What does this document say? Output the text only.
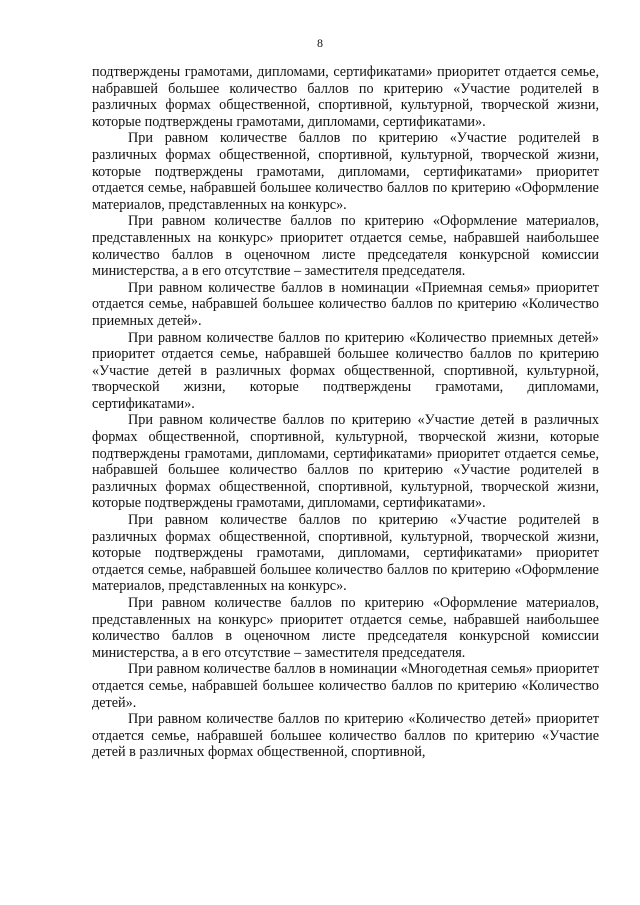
8

подтверждены грамотами, дипломами, сертификатами» приоритет отдается семье, набравшей большее количество баллов по критерию «Участие родителей в различных формах общественной, спортивной, культурной, творческой жизни, которые подтверждены грамотами, дипломами, сертификатами».

При равном количестве баллов по критерию «Участие родителей в различных формах общественной, спортивной, культурной, творческой жизни, которые подтверждены грамотами, дипломами, сертификатами» приоритет отдается семье, набравшей большее количество баллов по критерию «Оформление материалов, представленных на конкурс».

При равном количестве баллов по критерию «Оформление материалов, представленных на конкурс» приоритет отдается семье, набравшей наибольшее количество баллов в оценочном листе председателя конкурсной комиссии министерства, а в его отсутствие – заместителя председателя.

При равном количестве баллов в номинации «Приемная семья» приоритет отдается семье, набравшей большее количество баллов по критерию «Количество приемных детей».

При равном количестве баллов по критерию «Количество приемных детей» приоритет отдается семье, набравшей большее количество баллов по критерию «Участие детей в различных формах общественной, спортивной, культурной, творческой жизни, которые подтверждены грамотами, дипломами, сертификатами».

При равном количестве баллов по критерию «Участие детей в различных формах общественной, спортивной, культурной, творческой жизни, которые подтверждены грамотами, дипломами, сертификатами» приоритет отдается семье, набравшей большее количество баллов по критерию «Участие родителей в различных формах общественной, спортивной, культурной, творческой жизни, которые подтверждены грамотами, дипломами, сертификатами».

При равном количестве баллов по критерию «Участие родителей в различных формах общественной, спортивной, культурной, творческой жизни, которые подтверждены грамотами, дипломами, сертификатами» приоритет отдается семье, набравшей большее количество баллов по критерию «Оформление материалов, представленных на конкурс».

При равном количестве баллов по критерию «Оформление материалов, представленных на конкурс» приоритет отдается семье, набравшей наибольшее количество баллов в оценочном листе председателя конкурсной комиссии министерства, а в его отсутствие – заместителя председателя.

При равном количестве баллов в номинации «Многодетная семья» приоритет отдается семье, набравшей большее количество баллов по критерию «Количество детей».

При равном количестве баллов по критерию «Количество детей» приоритет отдается семье, набравшей большее количество баллов по критерию «Участие детей в различных формах общественной, спортивной,
